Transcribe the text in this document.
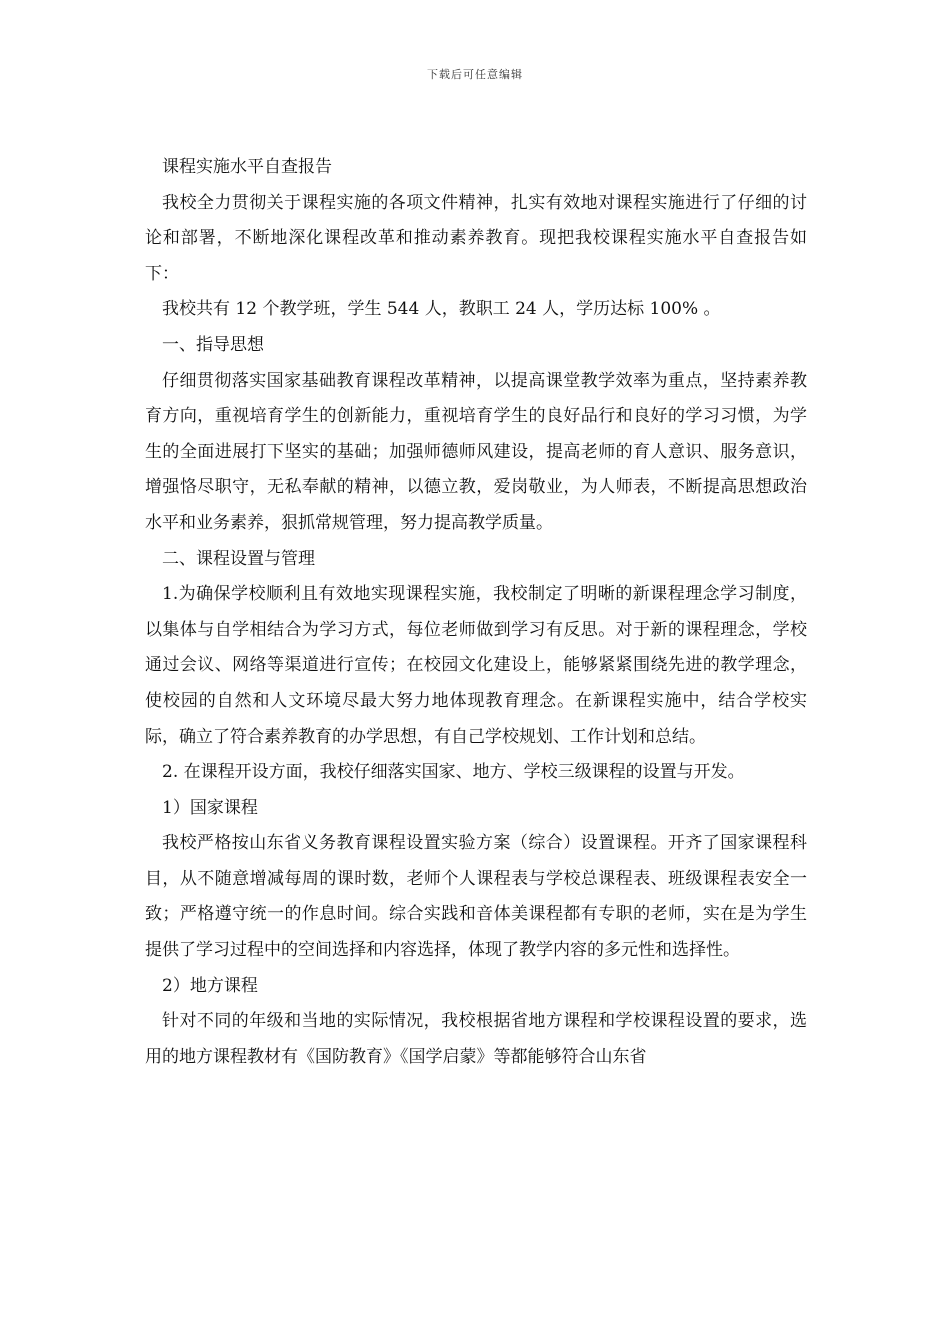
下载后可任意编辑

课程实施水平自查报告

我校全力贯彻关于课程实施的各项文件精神，扎实有效地对课程实施进行了仔细的讨论和部署，不断地深化课程改革和推动素养教育。现把我校课程实施水平自查报告如下：

我校共有 12 个教学班，学生 544 人，教职工 24 人，学历达标 100% 。

一、指导思想

仔细贯彻落实国家基础教育课程改革精神，以提高课堂教学效率为重点，坚持素养教育方向，重视培育学生的创新能力，重视培育学生的良好品行和良好的学习习惯，为学生的全面进展打下坚实的基础；加强师德师风建设，提高老师的育人意识、服务意识，增强恪尽职守，无私奉献的精神，以德立教，爱岗敬业，为人师表，不断提高思想政治水平和业务素养，狠抓常规管理，努力提高教学质量。

二、课程设置与管理

1.为确保学校顺利且有效地实现课程实施，我校制定了明晰的新课程理念学习制度，以集体与自学相结合为学习方式，每位老师做到学习有反思。对于新的课程理念，学校通过会议、网络等渠道进行宣传；在校园文化建设上，能够紧紧围绕先进的教学理念，使校园的自然和人文环境尽最大努力地体现教育理念。在新课程实施中，结合学校实际，确立了符合素养教育的办学思想，有自己学校规划、工作计划和总结。

2. 在课程开设方面，我校仔细落实国家、地方、学校三级课程的设置与开发。

1）国家课程

我校严格按山东省义务教育课程设置实验方案（综合）设置课程。开齐了国家课程科目，从不随意增减每周的课时数，老师个人课程表与学校总课程表、班级课程表安全一致；严格遵守统一的作息时间。综合实践和音体美课程都有专职的老师，实在是为学生提供了学习过程中的空间选择和内容选择，体现了教学内容的多元性和选择性。

2）地方课程

针对不同的年级和当地的实际情况，我校根据省地方课程和学校课程设置的要求，选用的地方课程教材有《国防教育》《国学启蒙》等都能够符合山东省
